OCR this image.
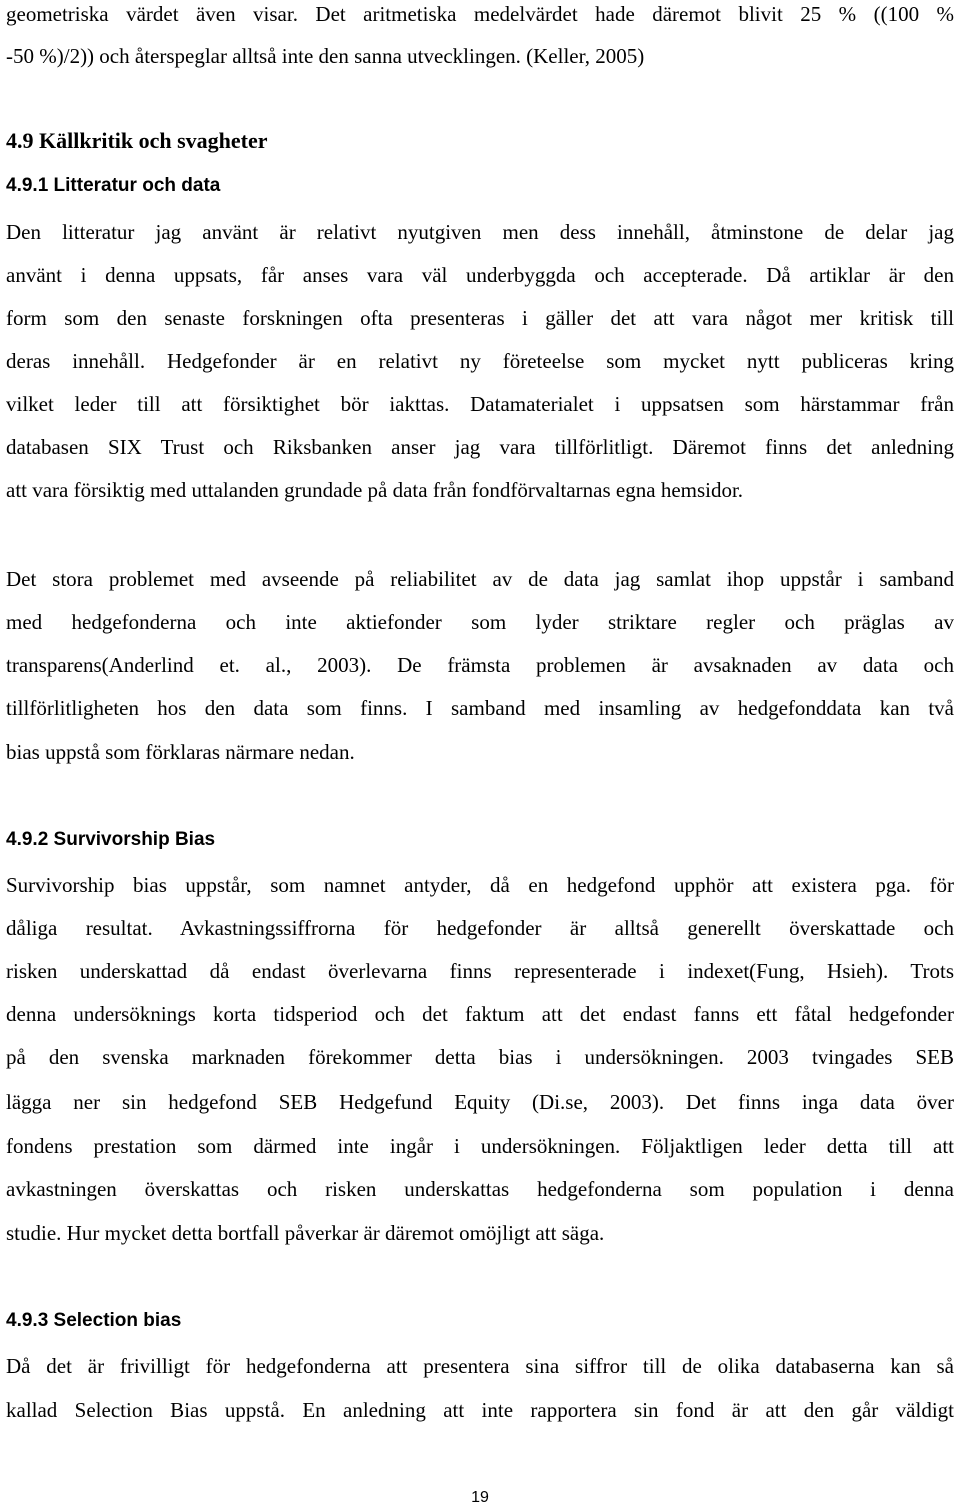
geometriska värdet även visar. Det aritmetiska medelvärdet hade däremot blivit 25 % ((100 %
-50 %)/2)) och återspeglar alltså inte den sanna utvecklingen. (Keller, 2005)
4.9 Källkritik och svagheter
4.9.1 Litteratur och data
Den litteratur jag använt är relativt nyutgiven men dess innehåll, åtminstone de delar jag
använt i denna uppsats, får anses vara väl underbyggda och accepterade. Då artiklar är den
form som den senaste forskningen ofta presenteras i gäller det att vara något mer kritisk till
deras innehåll. Hedgefonder är en relativt ny företeelse som mycket nytt publiceras kring
vilket leder till att försiktighet bör iakttas. Datamaterialet i uppsatsen som härstammar från
databasen SIX Trust och Riksbanken anser jag vara tillförlitligt. Däremot finns det anledning
att vara försiktig med uttalanden grundade på data från fondförvaltarnas egna hemsidor.
Det stora problemet med avseende på reliabilitet av de data jag samlat ihop uppstår i samband
med hedgefonderna och inte aktiefonder som lyder striktare regler och präglas av
transparens(Anderlind et. al., 2003). De främsta problemen är avsaknaden av data och
tillförlitligheten hos den data som finns. I samband med insamling av hedgefonddata kan två
bias uppstå som förklaras närmare nedan.
4.9.2 Survivorship Bias
Survivorship bias uppstår, som namnet antyder, då en hedgefond upphör att existera pga. för
dåliga resultat. Avkastningssiffrorna för hedgefonder är alltså generellt överskattade och
risken underskattad då endast överlevarna finns representerade i indexet(Fung, Hsieh). Trots
denna undersöknings korta tidsperiod och det faktum att det endast fanns ett fåtal hedgefonder
på den svenska marknaden förekommer detta bias i undersökningen. 2003 tvingades SEB
lägga ner sin hedgefond SEB Hedgefund Equity (Di.se, 2003). Det finns inga data över
fondens prestation som därmed inte ingår i undersökningen. Följaktligen leder detta till att
avkastningen överskattas och risken underskattas hedgefonderna som population i denna
studie. Hur mycket detta bortfall påverkar är däremot omöjligt att säga.
4.9.3 Selection bias
Då det är frivilligt för hedgefonderna att presentera sina siffror till de olika databaserna kan så
kallad Selection Bias uppstå. En anledning att inte rapportera sin fond är att den går väldigt
19
